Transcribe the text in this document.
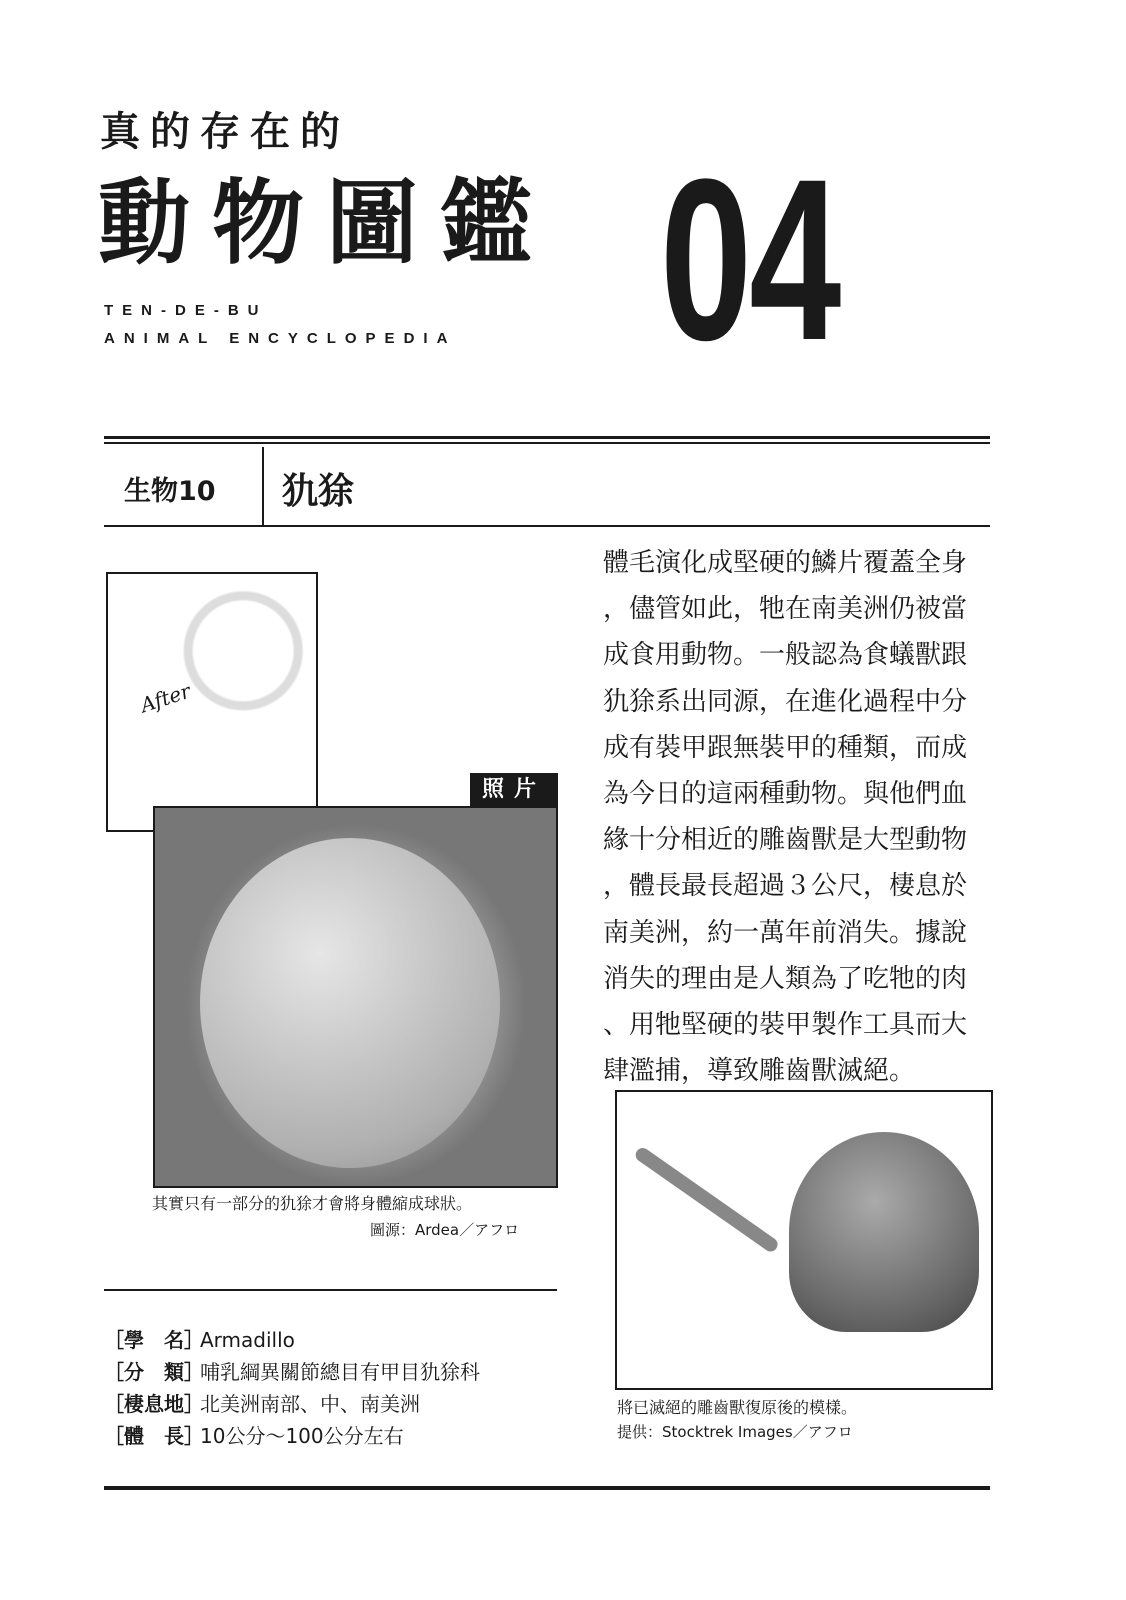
真的存在的
動物圖鑑
TEN-DE-BU
ANIMAL ENCYCLOPEDIA 04
生物10 犰狳
After
照片
其實只有一部分的犰狳才會將身體縮成球狀。
圖源：Ardea／アフロ
［學　名］Armadillo
［分　類］哺乳綱異關節總目有甲目犰狳科
［棲息地］北美洲南部、中、南美洲
［體　長］10公分～100公分左右
體毛演化成堅硬的鱗片覆蓋全身
，儘管如此，牠在南美洲仍被當
成食用動物。一般認為食蟻獸跟
犰狳系出同源，在進化過程中分
成有裝甲跟無裝甲的種類，而成
為今日的這兩種動物。與他們血
緣十分相近的雕齒獸是大型動物
，體長最長超過３公尺，棲息於
南美洲，約一萬年前消失。據說
消失的理由是人類為了吃牠的肉
、用牠堅硬的裝甲製作工具而大
肆濫捕，導致雕齒獸滅絕。
將已滅絕的雕齒獸復原後的模樣。
提供：Stocktrek Images／アフロ
